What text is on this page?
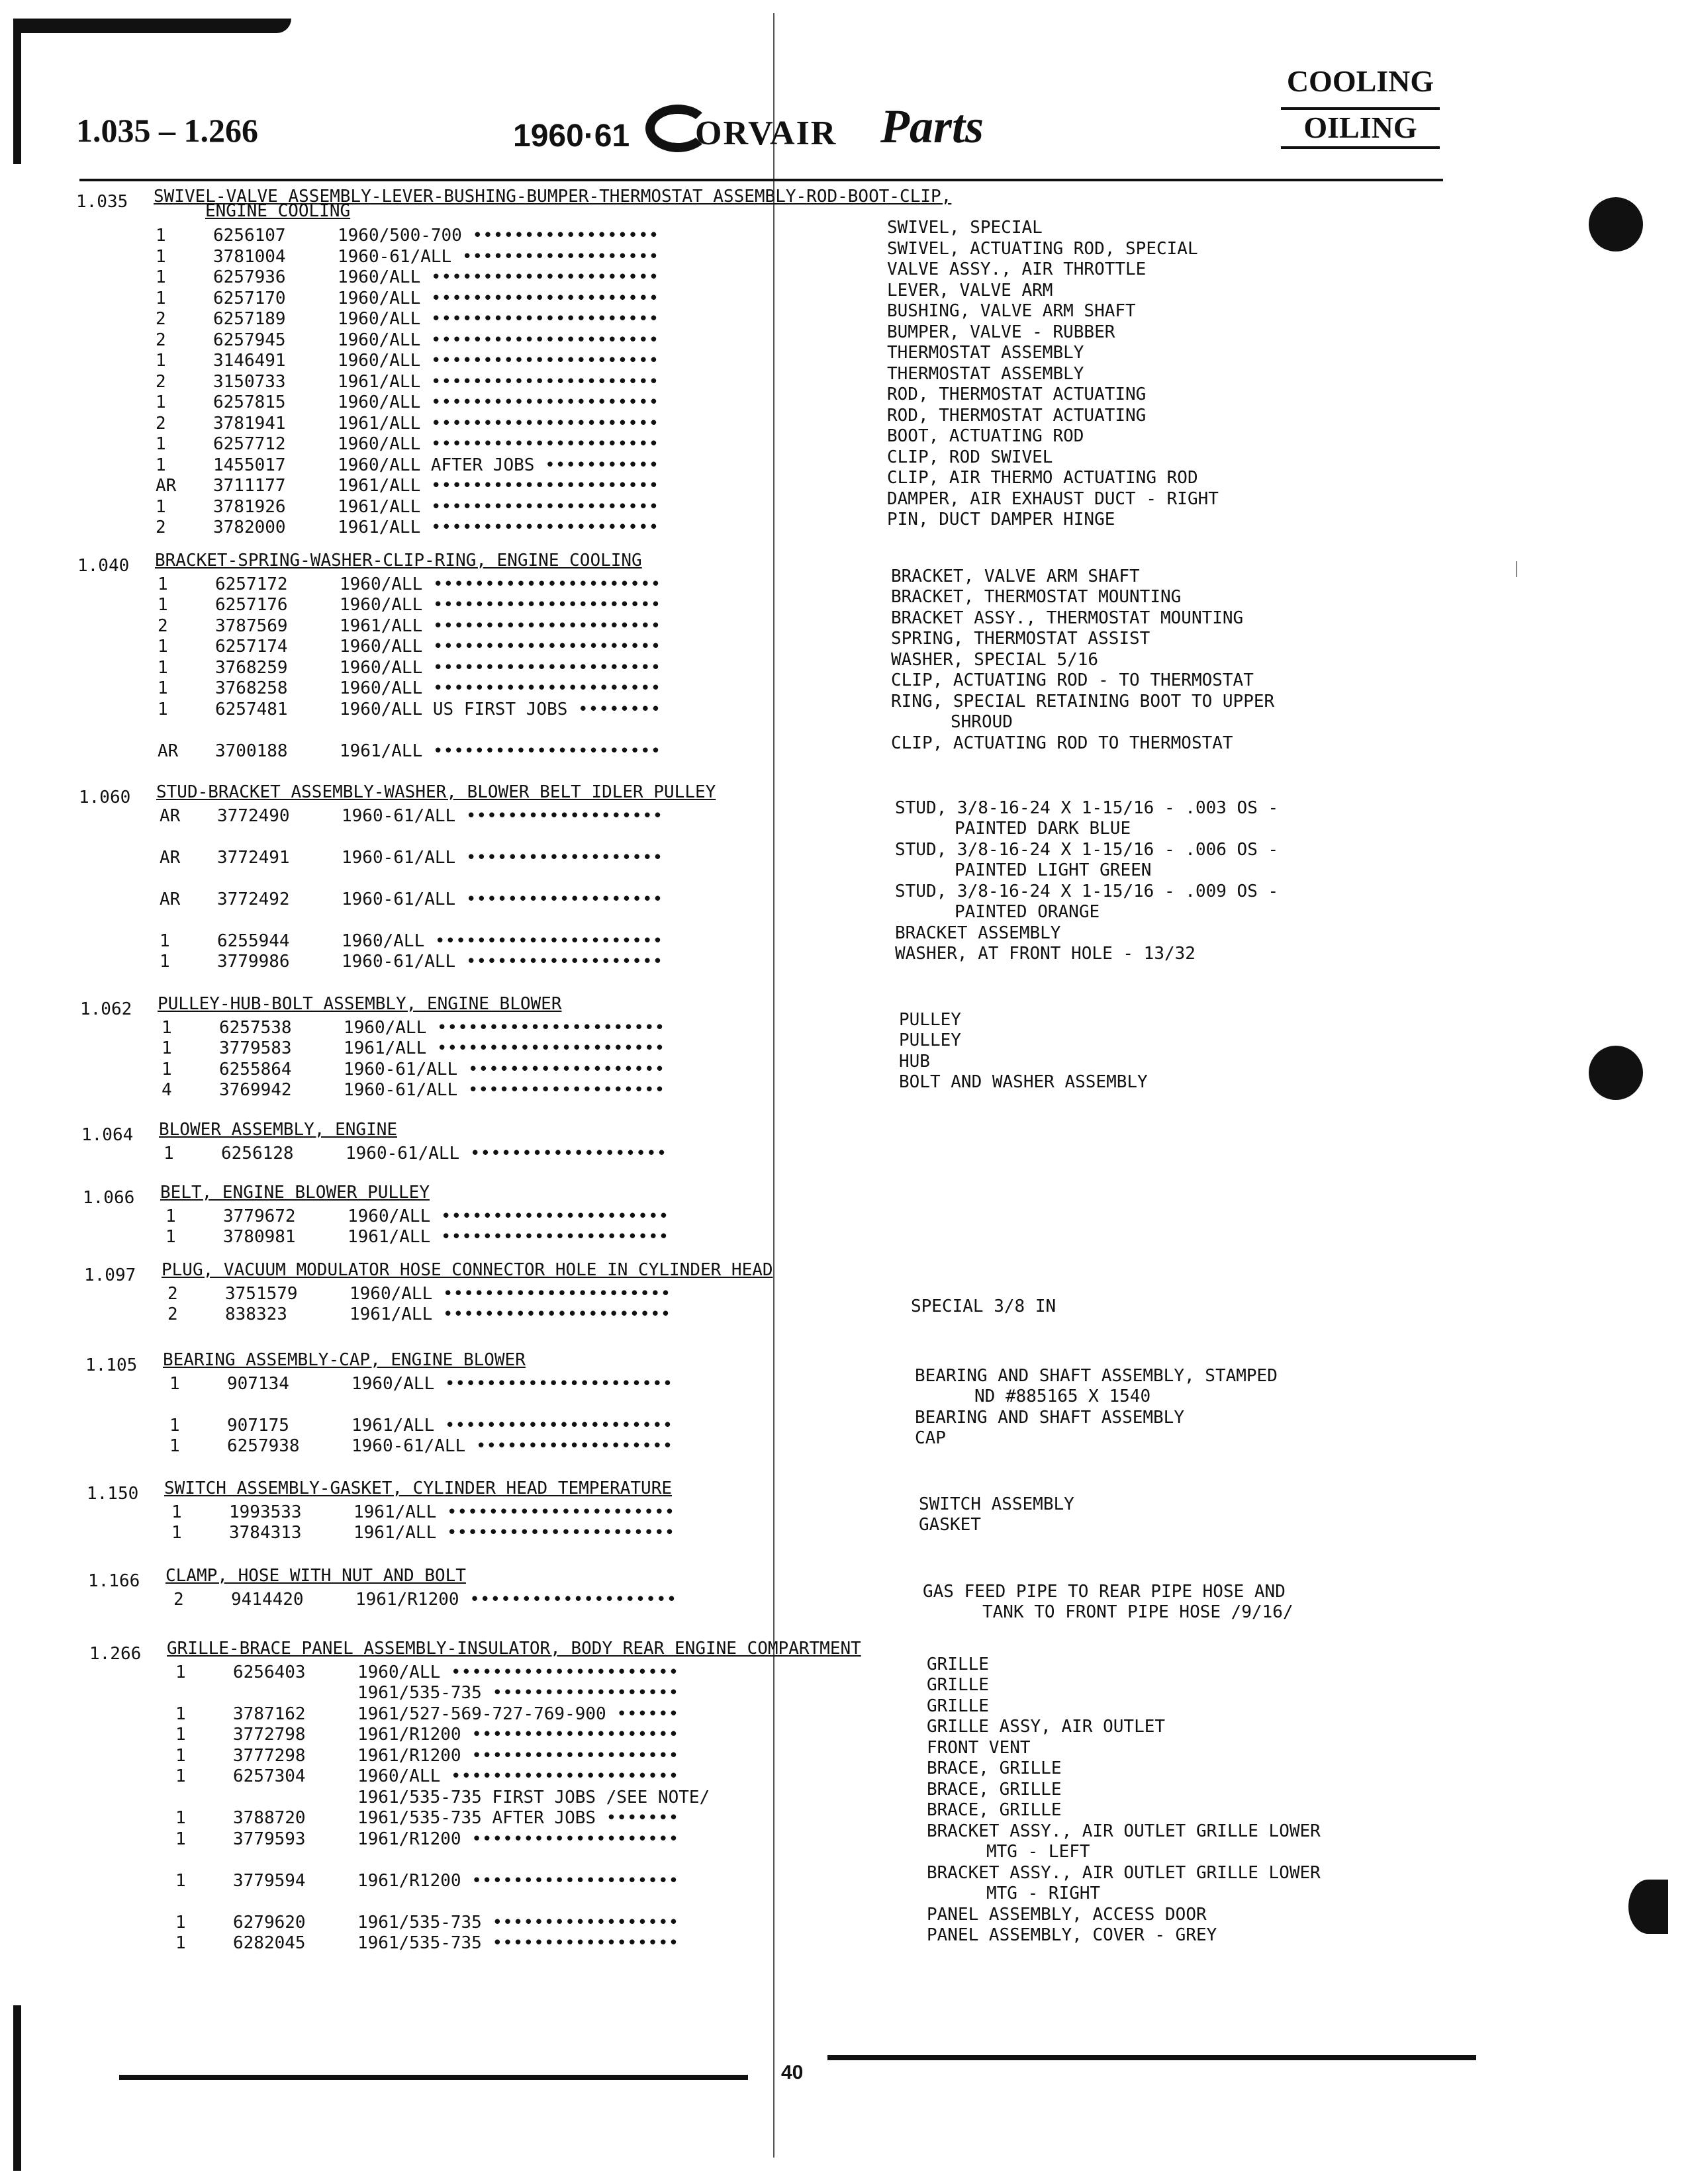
1.035 – 1.266	1960·61 ORVAIR Parts
COOLING
OILING
1.035 SWIVEL-VALVE ASSEMBLY-LEVER-BUSHING-BUMPER-THERMOSTAT ASSEMBLY-ROD-BOOT-CLIP,
ENGINE COOLING
1	6256107	1960/500-700 ••••••••••••••••••	SWIVEL, SPECIAL
1	3781004	1960-61/ALL •••••••••••••••••••	SWIVEL, ACTUATING ROD, SPECIAL
1	6257936	1960/ALL ••••••••••••••••••••••	VALVE ASSY., AIR THROTTLE
1	6257170	1960/ALL ••••••••••••••••••••••	LEVER, VALVE ARM
2	6257189	1960/ALL ••••••••••••••••••••••	BUSHING, VALVE ARM SHAFT
2	6257945	1960/ALL ••••••••••••••••••••••	BUMPER, VALVE - RUBBER
1	3146491	1960/ALL ••••••••••••••••••••••	THERMOSTAT ASSEMBLY
2	3150733	1961/ALL ••••••••••••••••••••••	THERMOSTAT ASSEMBLY
1	6257815	1960/ALL ••••••••••••••••••••••	ROD, THERMOSTAT ACTUATING
2	3781941	1961/ALL ••••••••••••••••••••••	ROD, THERMOSTAT ACTUATING
1	6257712	1960/ALL ••••••••••••••••••••••	BOOT, ACTUATING ROD
1	1455017	1960/ALL AFTER JOBS •••••••••••	CLIP, ROD SWIVEL
AR 3711177	1961/ALL ••••••••••••••••••••••	CLIP, AIR THERMO ACTUATING ROD
1	3781926	1961/ALL ••••••••••••••••••••••	DAMPER, AIR EXHAUST DUCT - RIGHT
2	3782000	1961/ALL ••••••••••••••••••••••	PIN, DUCT DAMPER HINGE
1.040 BRACKET-SPRING-WASHER-CLIP-RING, ENGINE COOLING
1	6257172	1960/ALL ••••••••••••••••••••••	BRACKET, VALVE ARM SHAFT
1	6257176	1960/ALL ••••••••••••••••••••••	BRACKET, THERMOSTAT MOUNTING
2	3787569	1961/ALL ••••••••••••••••••••••	BRACKET ASSY., THERMOSTAT MOUNTING
1	6257174	1960/ALL ••••••••••••••••••••••	SPRING, THERMOSTAT ASSIST
1	3768259	1960/ALL ••••••••••••••••••••••	WASHER, SPECIAL 5/16
1	3768258	1960/ALL ••••••••••••••••••••••	CLIP, ACTUATING ROD - TO THERMOSTAT
1	6257481	1960/ALL US FIRST JOBS ••••••••	RING, SPECIAL RETAINING BOOT TO UPPER
SHROUD
AR 3700188	1961/ALL ••••••••••••••••••••••	CLIP, ACTUATING ROD TO THERMOSTAT
1.060 STUD-BRACKET ASSEMBLY-WASHER, BLOWER BELT IDLER PULLEY
AR 3772490	1960-61/ALL •••••••••••••••••••	STUD, 3/8-16-24 X 1-15/16 - .003 OS -
PAINTED DARK BLUE
AR 3772491	1960-61/ALL •••••••••••••••••••	STUD, 3/8-16-24 X 1-15/16 - .006 OS -
PAINTED LIGHT GREEN
AR 3772492	1960-61/ALL •••••••••••••••••••	STUD, 3/8-16-24 X 1-15/16 - .009 OS -
PAINTED ORANGE
1	6255944	1960/ALL ••••••••••••••••••••••	BRACKET ASSEMBLY
1	3779986	1960-61/ALL •••••••••••••••••••	WASHER, AT FRONT HOLE - 13/32
1.062 PULLEY-HUB-BOLT ASSEMBLY, ENGINE BLOWER
1	6257538	1960/ALL ••••••••••••••••••••••	PULLEY
1	3779583	1961/ALL ••••••••••••••••••••••	PULLEY
1	6255864	1960-61/ALL •••••••••••••••••••	HUB
4	3769942	1960-61/ALL •••••••••••••••••••	BOLT AND WASHER ASSEMBLY
1.064 BLOWER ASSEMBLY, ENGINE
1	6256128	1960-61/ALL •••••••••••••••••••
1.066 BELT, ENGINE BLOWER PULLEY
1	3779672	1960/ALL ••••••••••••••••••••••
1	3780981	1961/ALL ••••••••••••••••••••••
1.097 PLUG, VACUUM MODULATOR HOSE CONNECTOR HOLE IN CYLINDER HEAD
2	3751579	1960/ALL ••••••••••••••••••••••
2	838323	1961/ALL ••••••••••••••••••••••	SPECIAL 3/8 IN
1.105 BEARING ASSEMBLY-CAP, ENGINE BLOWER
1	907134	1960/ALL ••••••••••••••••••••••	BEARING AND SHAFT ASSEMBLY, STAMPED
ND #885165 X 1540
1	907175	1961/ALL ••••••••••••••••••••••	BEARING AND SHAFT ASSEMBLY
1	6257938	1960-61/ALL •••••••••••••••••••	CAP
1.150 SWITCH ASSEMBLY-GASKET, CYLINDER HEAD TEMPERATURE
1	1993533	1961/ALL ••••••••••••••••••••••	SWITCH ASSEMBLY
1	3784313	1961/ALL ••••••••••••••••••••••	GASKET
1.166 CLAMP, HOSE WITH NUT AND BOLT
2	9414420	1961/R1200 ••••••••••••••••••••	GAS FEED PIPE TO REAR PIPE HOSE AND
TANK TO FRONT PIPE HOSE /9/16/
1.266 GRILLE-BRACE PANEL ASSEMBLY-INSULATOR, BODY REAR ENGINE COMPARTMENT
1	6256403	1960/ALL ••••••••••••••••••••••	GRILLE
1961/535-735 ••••••••••••••••••	GRILLE
1	3787162	1961/527-569-727-769-900 ••••••	GRILLE
1	3772798	1961/R1200 ••••••••••••••••••••	GRILLE ASSY, AIR OUTLET
1	3777298	1961/R1200 ••••••••••••••••••••	FRONT VENT
1	6257304	1960/ALL ••••••••••••••••••••••	BRACE, GRILLE
1961/535-735 FIRST JOBS /SEE NOTE/	BRACE, GRILLE
1	3788720	1961/535-735 AFTER JOBS •••••••	BRACE, GRILLE
1	3779593	1961/R1200 ••••••••••••••••••••	BRACKET ASSY., AIR OUTLET GRILLE LOWER
MTG - LEFT
1	3779594	1961/R1200 ••••••••••••••••••••	BRACKET ASSY., AIR OUTLET GRILLE LOWER
MTG - RIGHT
1	6279620	1961/535-735 ••••••••••••••••••	PANEL ASSEMBLY, ACCESS DOOR
1	6282045	1961/535-735 ••••••••••••••••••	PANEL ASSEMBLY, COVER - GREY
40
